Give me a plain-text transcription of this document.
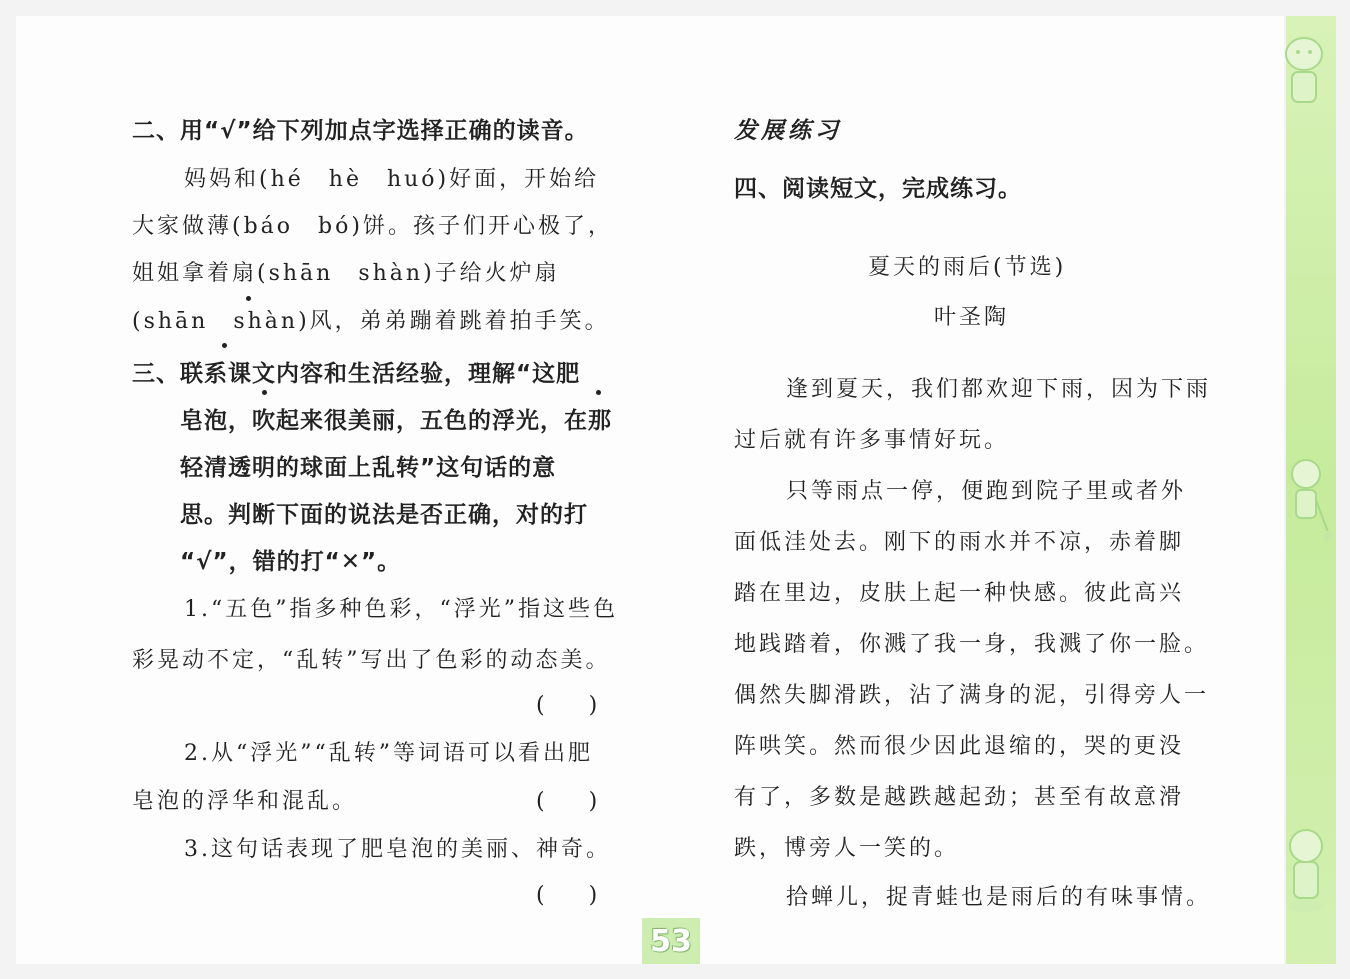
二、用“√”给下列加点字选择正确的读音。

妈妈和(hé　hè　huó)好面，开始给

大家做薄(báo　bó)饼。孩子们开心极了，

姐姐拿着扇(shān　shàn)子给火炉扇

(shān　shàn)风，弟弟蹦着跳着拍手笑。

三、联系课文内容和生活经验，理解“这肥

皂泡，吹起来很美丽，五色的浮光，在那

轻清透明的球面上乱转”这句话的意

思。判断下面的说法是否正确，对的打

“√”，错的打“✕”。

1.“五色”指多种色彩，“浮光”指这些色

彩晃动不定，“乱转”写出了色彩的动态美。

(　　)

2.从“浮光”“乱转”等词语可以看出肥

皂泡的浮华和混乱。	(　　)

3.这句话表现了肥皂泡的美丽、神奇。

(　　)

发展练习

四、阅读短文，完成练习。

夏天的雨后(节选)

叶圣陶

逢到夏天，我们都欢迎下雨，因为下雨

过后就有许多事情好玩。

只等雨点一停，便跑到院子里或者外

面低洼处去。刚下的雨水并不凉，赤着脚

踏在里边，皮肤上起一种快感。彼此高兴

地践踏着，你溅了我一身，我溅了你一脸。

偶然失脚滑跌，沾了满身的泥，引得旁人一

阵哄笑。然而很少因此退缩的，哭的更没

有了，多数是越跌越起劲；甚至有故意滑

跌，博旁人一笑的。

拾蝉儿，捉青蛙也是雨后的有味事情。

53
